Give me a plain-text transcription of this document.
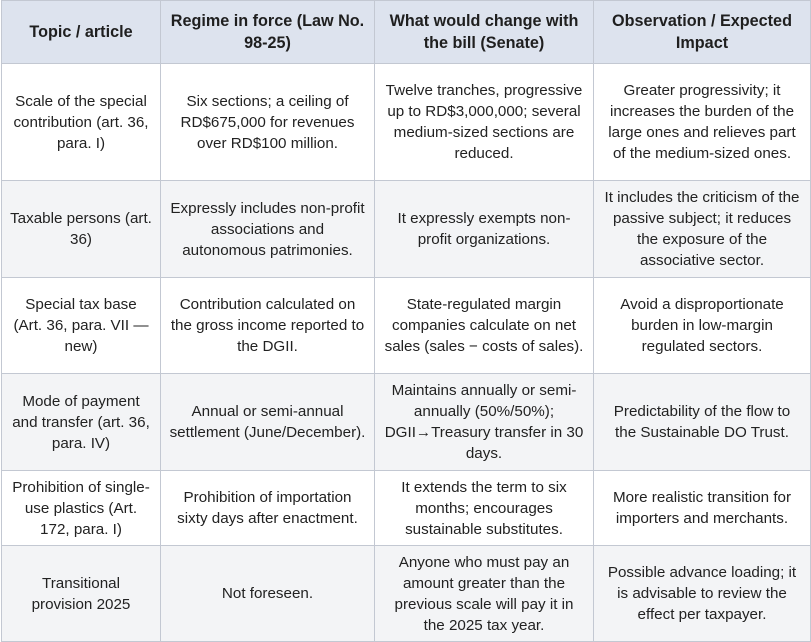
Topic / article	Regime in force (Law No. 98-25)	What would change with the bill (Senate)	Observation / Expected Impact
Scale of the special contribution (art. 36, para. I)	Six sections; a ceiling of RD$675,000 for revenues over RD$100 million.	Twelve tranches, progressive up to RD$3,000,000; several medium-sized sections are reduced.	Greater progressivity; it increases the burden of the large ones and relieves part of the medium-sized ones.
Taxable persons (art. 36)	Expressly includes non-profit associations and autonomous patrimonies.	It expressly exempts non-profit organizations.	It includes the criticism of the passive subject; it reduces the exposure of the associative sector.
Special tax base (Art. 36, para. VII — new)	Contribution calculated on the gross income reported to the DGII.	State-regulated margin companies calculate on net sales (sales − costs of sales).	Avoid a disproportionate burden in low-margin regulated sectors.
Mode of payment and transfer (art. 36, para. IV)	Annual or semi-annual settlement (June/December).	Maintains annually or semi-annually (50%/50%); DGII→Treasury transfer in 30 days.	Predictability of the flow to the Sustainable DO Trust.
Prohibition of single-use plastics (Art. 172, para. I)	Prohibition of importation sixty days after enactment.	It extends the term to six months; encourages sustainable substitutes.	More realistic transition for importers and merchants.
Transitional provision 2025	Not foreseen.	Anyone who must pay an amount greater than the previous scale will pay it in the 2025 tax year.	Possible advance loading; it is advisable to review the effect per taxpayer.
